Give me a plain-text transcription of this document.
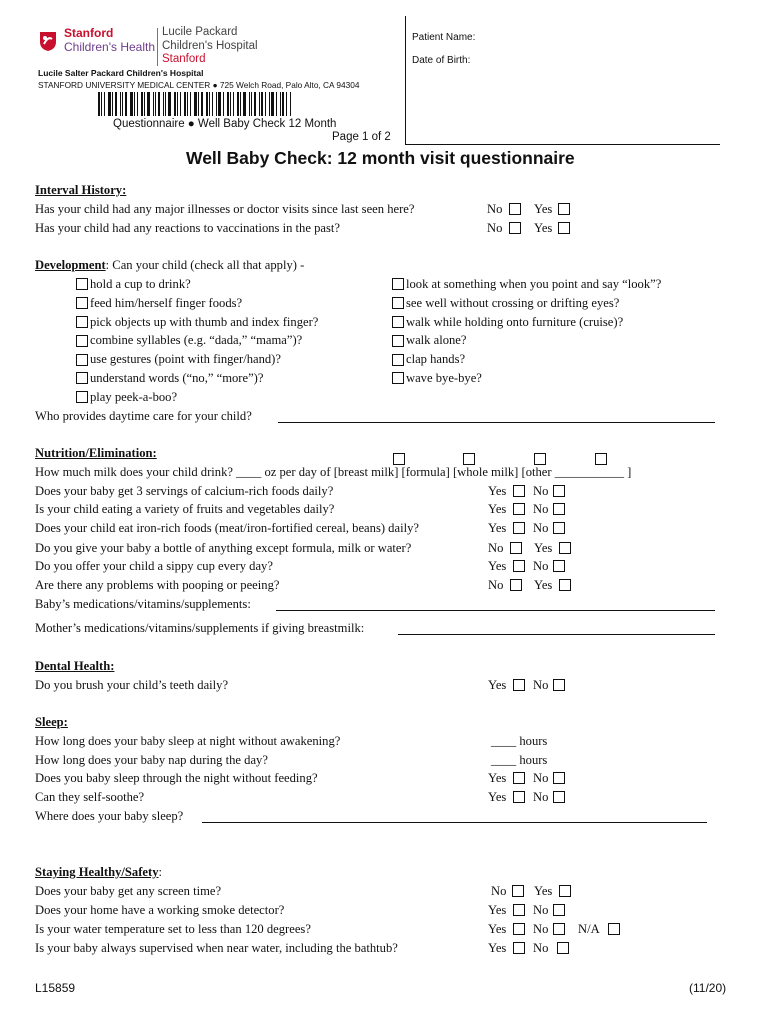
Stanford
Children's Health
Lucile Packard
Children's Hospital
Stanford
Lucile Salter Packard Children's Hospital
STANFORD UNIVERSITY MEDICAL CENTER ● 725 Welch Road, Palo Alto, CA 94304
Questionnaire ● Well Baby Check 12 Month
Page 1 of 2
Patient Name:
Date of Birth:
Well Baby Check: 12 month visit questionnaire
Interval History:
Has your child had any major illnesses or doctor visits since last seen here?	No	Yes
Has your child had any reactions to vaccinations in the past?	No	Yes
Development: Can your child (check all that apply) -
hold a cup to drink?
feed him/herself finger foods?
pick objects up with thumb and index finger?
combine syllables (e.g. “dada,” “mama”)?
use gestures (point with finger/hand)?
understand words (“no,” “more”)?
play peek-a-boo?
look at something when you point and say “look”?
see well without crossing or drifting eyes?
walk while holding onto furniture (cruise)?
walk alone?
clap hands?
wave bye-bye?
Who provides daytime care for your child?
Nutrition/Elimination:
How much milk does your child drink? ____ oz per day of [breast milk] [formula] [whole milk] [other ___________ ]
Does your baby get 3 servings of calcium-rich foods daily?	Yes No
Is your child eating a variety of fruits and vegetables daily?	Yes No
Does your child eat iron-rich foods (meat/iron-fortified cereal, beans) daily?	Yes No
Do you give your baby a bottle of anything except formula, milk or water?	No Yes
Do you offer your child a sippy cup every day?	Yes No
Are there any problems with pooping or peeing?	No Yes
Baby’s medications/vitamins/supplements:
Mother’s medications/vitamins/supplements if giving breastmilk:
Dental Health:
Do you brush your child’s teeth daily?	Yes No
Sleep:
How long does your baby sleep at night without awakening?	____ hours
How long does your baby nap during the day?	____ hours
Does you baby sleep through the night without feeding?	Yes No
Can they self-soothe?	Yes No
Where does your baby sleep?
Staying Healthy/Safety:
Does your baby get any screen time?	No Yes
Does your home have a working smoke detector?	Yes No
Is your water temperature set to less than 120 degrees?	Yes No N/A
Is your baby always supervised when near water, including the bathtub?	Yes No
L15859	(11/20)
